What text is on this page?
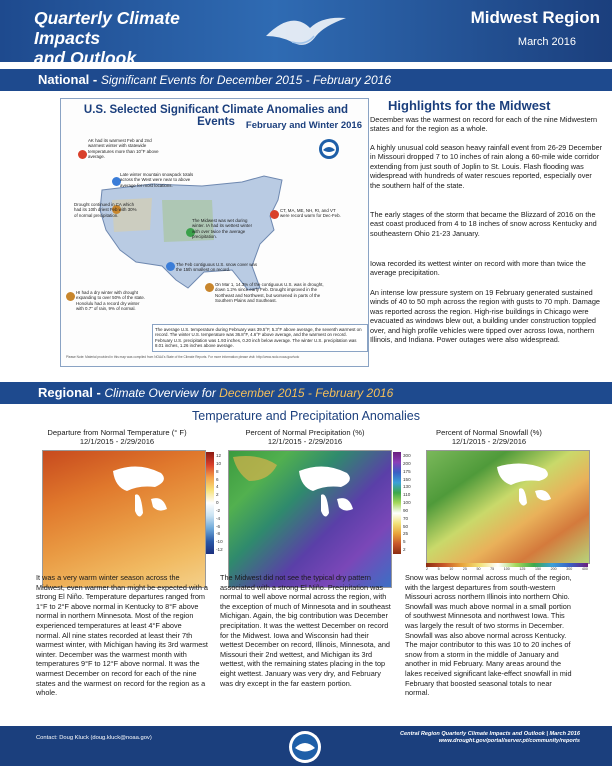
Quarterly Climate Impacts
and Outlook
Midwest Region
March 2016
National - Significant Events for December 2015 - February 2016
U.S. Selected Significant Climate Anomalies and Events	February and Winter 2016
AK had its warmest Feb and 2nd warmest winter with statewide temperatures more than 10°F above average.
Late winter mountain snowpack totals across the West were near to above average for most locations.
Drought continued in CA which had its 10th driest Feb with 30% of normal precipitation.
The Midwest was wet during winter. IA had its wettest winter with over twice the average precipitation.
CT, MA, ME, NH, RI, and VT were record warm for Dec-Feb.
The Feb contiguous U.S. snow cover was the 15th smallest on record.
HI had a dry winter with drought expanding to over 50% of the state. Honolulu had a record dry winter with 0.7" of rain, 9% of normal.
On Mar 1, 14.3% of the contiguous U.S. was in drought, down 1.2% since early Feb. Drought improved in the Northeast and Northwest, but worsened in parts of the Southern Plains and Southeast.
The average U.S. temperature during February was 39.5°F, 5.3°F above average, the seventh warmest on record. The winter U.S. temperature was 36.8°F, 4.6°F above average, and the warmest on record. February U.S. precipitation was 1.93 inches, 0.20 inch below average. The winter U.S. precipitation was 8.01 inches, 1.26 inches above average.
Please Note: Material provided in this map was compiled from NOAA's State of the Climate Reports. For more information please visit: http://www.ncdc.noaa.gov/sotc
Highlights for the Midwest
December was the warmest on record for each of the nine Midwestern states and for the region as a whole.
A highly unusual cold season heavy rainfall event from 26-29 December in Missouri dropped 7 to 10 inches of rain along a 60-mile wide corridor extending from just south of Joplin to St. Louis. Flash flooding was widespread with hundreds of water rescues reported, especially over the southern half of the state.
The early stages of the storm that became the Blizzard of 2016 on the east coast produced from 4 to 18 inches of snow across Kentucky and southeastern Ohio 21-23 January.
Iowa recorded its wettest winter on record with more than twice the average precipitation.
An intense low pressure system on 19 February generated sustained winds of 40 to 50 mph across the region with gusts to 70 mph. Damage was reported across the region. High-rise buildings in Chicago were evacuated as windows blew out, a building under construction toppled over, and high profile vehicles were tipped over across Iowa, northern Illinois, and Indiana. Power outages were also widespread.
Regional - Climate Overview for December 2015 - February 2016
Temperature and Precipitation Anomalies
Departure from Normal Temperature (° F)
12/1/2015 - 2/29/2016
12
10
8
6
4
2
0
-2
-4
-6
-8
-10
-12
It was a very warm winter season across the Midwest, even warmer than might be expected with a strong El Niño. Temperature departures ranged from 1°F to 2°F above normal in Kentucky to 8°F above normal in northern Minnesota. Most of the region experienced temperatures at least 4°F above normal. All nine states recorded at least their 7th warmest winter, with Michigan having its 3rd warmest winter. December was the warmest month with temperatures 9°F to 12°F above normal. It was the warmest December on record for each of the nine states and the warmest on record for the region as a whole.
Percent of Normal Precipitation (%)
12/1/2015 - 2/29/2016
300
200
175
150
130
110
100
90
70
50
25
5
2
The Midwest did not see the typical dry pattern associated with a strong El Niño. Precipitation was normal to well above normal across the region, with the exception of much of Minnesota and in southeast Michigan. Again, the big contribution was December precipitation. It was the wettest December on record for the Midwest. Iowa and Wisconsin had their wettest December on record, Illinois, Minnesota, and Missouri their 2nd wettest, and Michigan its 3rd wettest, with the remaining states placing in the top eight wettest. January was very dry, and February was dry except in the far eastern portion.
Percent of Normal Snowfall (%)
12/1/2015 - 2/29/2016
2	5	10	25	50	75	100	125	150	200	300	400
Snow was below normal across much of the region, with the largest departures from south-western Missouri across northern Illinois into northern Ohio. Snowfall was much above normal in a small portion of southwest Minnesota and northwest Iowa. This was largely the result of two storms in December. Snowfall was also above normal across Kentucky. The major contributor to this was 10 to 20 inches of snow from a storm in the middle of January and another in mid February. Many areas around the lakes received significant lake-effect snowfall in mid February that boosted seasonal totals to near normal.
Contact: Doug Kluck (doug.kluck@noaa.gov)
Central Region Quarterly Climate Impacts and Outlook | March 2016
www.drought.gov/portal/server.pt/community/reports
